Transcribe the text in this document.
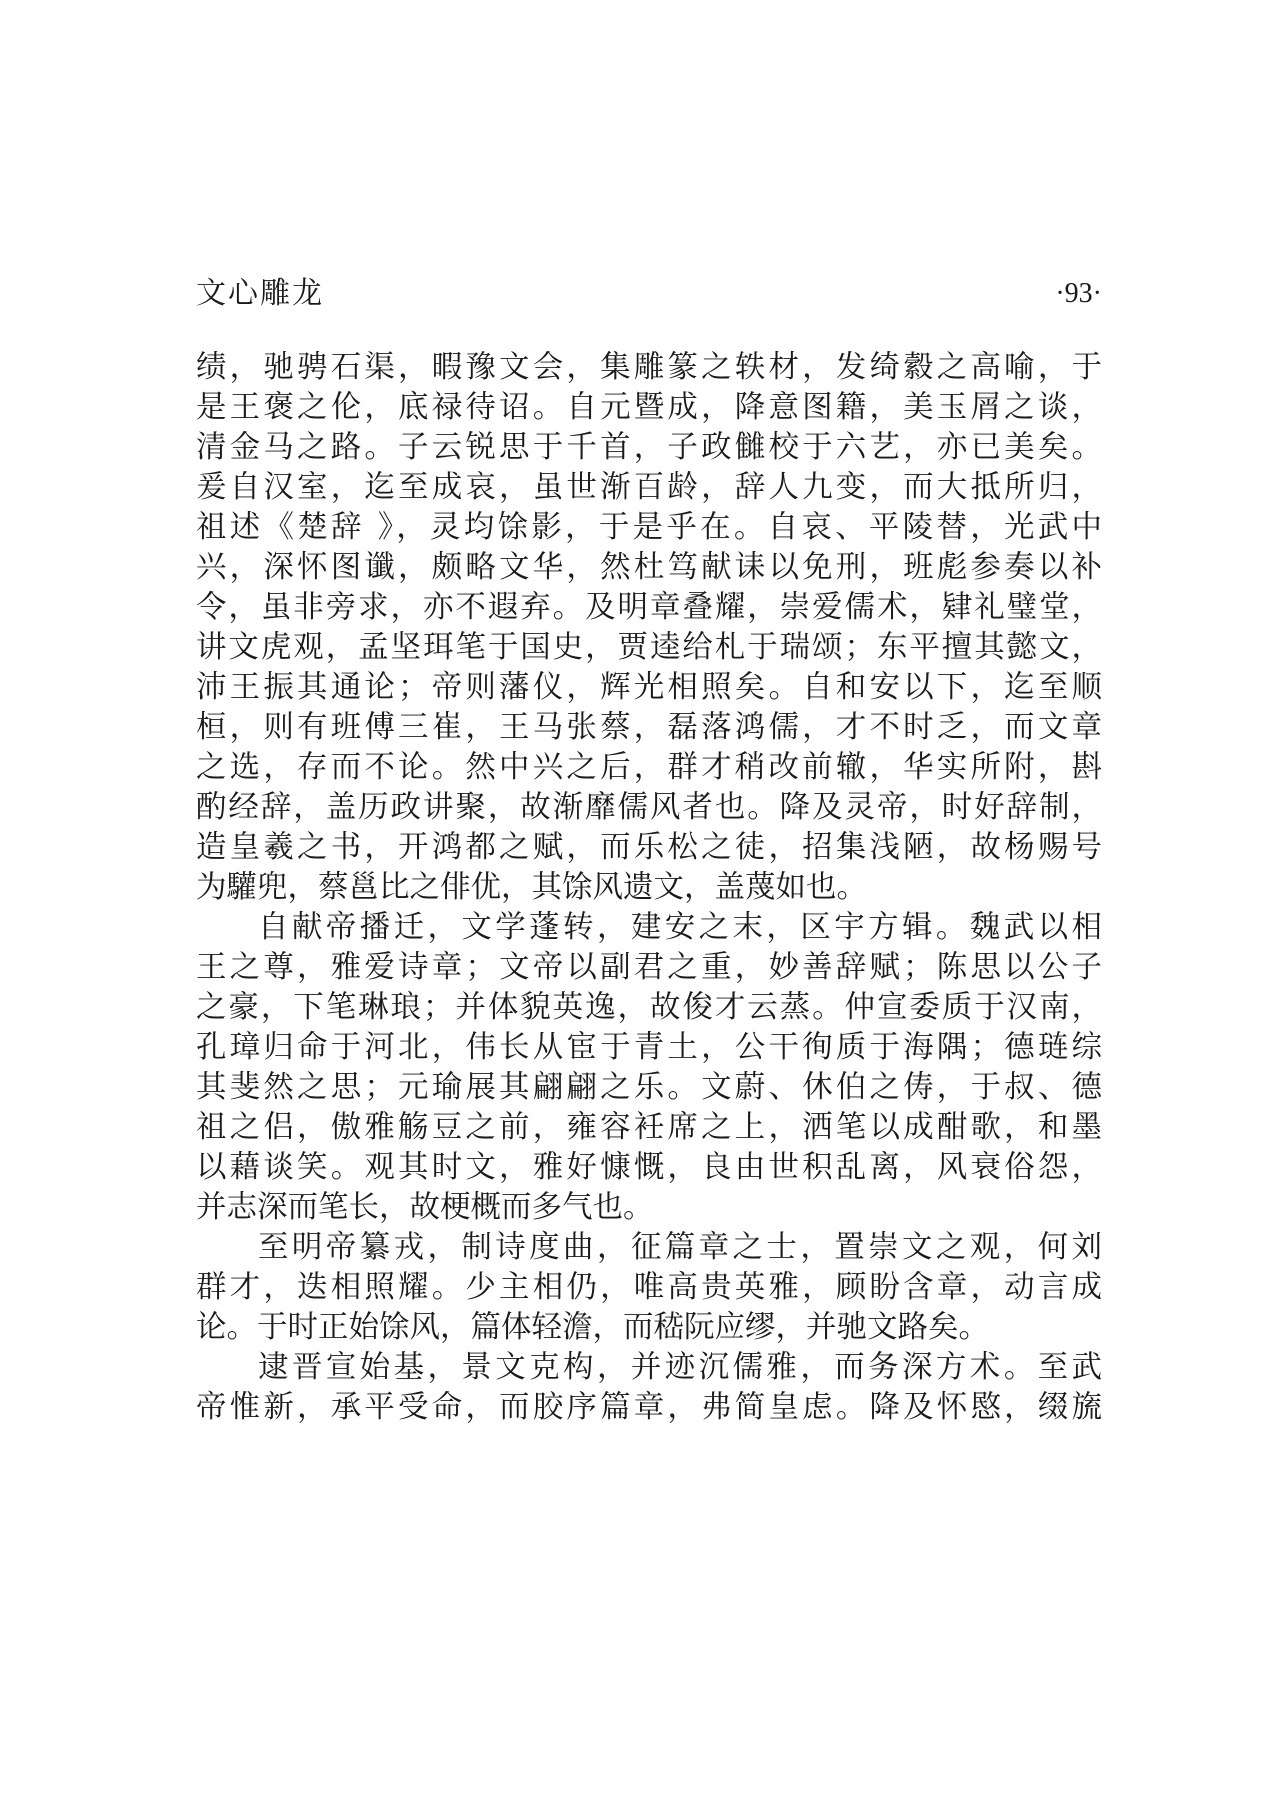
文心雕龙	·93·
绩，驰骋石渠，暇豫文会，集雕篆之轶材，发绮縠之高喻，于
是王褒之伦，底禄待诏。自元暨成，降意图籍，美玉屑之谈，
清金马之路。子云锐思于千首，子政雠校于六艺，亦已美矣。
爰自汉室，迄至成哀，虽世渐百龄，辞人九变，而大抵所归，
祖述《楚辞 》，灵均馀影，于是乎在。自哀、平陵替，光武中
兴，深怀图谶，颇略文华，然杜笃献诔以免刑，班彪参奏以补
令，虽非旁求，亦不遐弃。及明章叠耀，崇爱儒术，肄礼璧堂，
讲文虎观，孟坚珥笔于国史，贾逵给札于瑞颂；东平擅其懿文，
沛王振其通论；帝则藩仪，辉光相照矣。自和安以下，迄至顺
桓，则有班傅三崔，王马张蔡，磊落鸿儒，才不时乏，而文章
之选，存而不论。然中兴之后，群才稍改前辙，华实所附，斟
酌经辞，盖历政讲聚，故渐靡儒风者也。降及灵帝，时好辞制，
造皇羲之书，开鸿都之赋，而乐松之徒，招集浅陋，故杨赐号
为驩兜，蔡邕比之俳优，其馀风遗文，盖蔑如也。
自献帝播迁，文学蓬转，建安之末，区宇方辑。魏武以相
王之尊，雅爱诗章；文帝以副君之重，妙善辞赋；陈思以公子
之豪，下笔琳琅；并体貌英逸，故俊才云蒸。仲宣委质于汉南，
孔璋归命于河北，伟长从宦于青土，公干徇质于海隅；德琏综
其斐然之思；元瑜展其翩翩之乐。文蔚、休伯之俦，于叔、德
祖之侣，傲雅觞豆之前，雍容衽席之上，洒笔以成酣歌，和墨
以藉谈笑。观其时文，雅好慷慨，良由世积乱离，风衰俗怨，
并志深而笔长，故梗概而多气也。
至明帝纂戎，制诗度曲，征篇章之士，置崇文之观，何刘
群才，迭相照耀。少主相仍，唯高贵英雅，顾盼含章，动言成
论。于时正始馀风，篇体轻澹，而嵇阮应缪，并驰文路矣。
逮晋宣始基，景文克构，并迹沉儒雅，而务深方术。至武
帝惟新，承平受命，而胶序篇章，弗简皇虑。降及怀愍，缀旒
